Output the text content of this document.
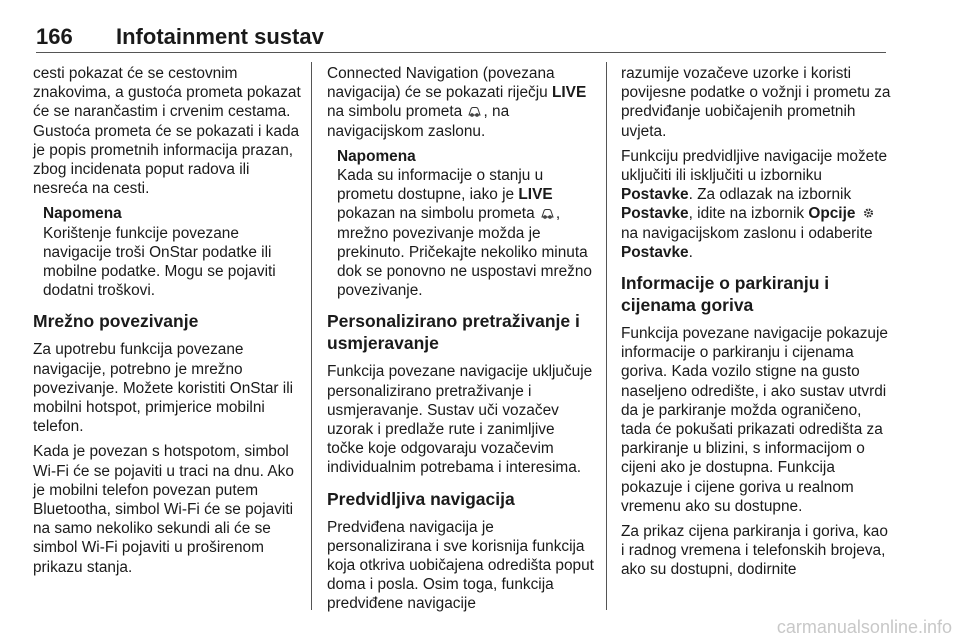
166 Infotainment sustav

cesti pokazat će se cestovnim znakovima, a gustoća prometa pokazat će se narančastim i crvenim cestama. Gustoća prometa će se pokazati i kada je popis prometnih informacija prazan, zbog incidenata poput radova ili nesreća na cesti.

Napomena
Korištenje funkcije povezane navigacije troši OnStar podatke ili mobilne podatke. Mogu se pojaviti dodatni troškovi.
Mrežno povezivanje

Za upotrebu funkcija povezane navigacije, potrebno je mrežno povezivanje. Možete koristiti OnStar ili mobilni hotspot, primjerice mobilni telefon.

Kada je povezan s hotspotom, simbol Wi-Fi će se pojaviti u traci na dnu. Ako je mobilni telefon povezan putem Bluetootha, simbol Wi-Fi će se pojaviti na samo nekoliko sekundi ali će se simbol Wi-Fi pojaviti u proširenom prikazu stanja.

Connected Navigation (povezana navigacija) će se pokazati riječju LIVE na simbolu prometa , na navigacijskom zaslonu.

Napomena
Kada su informacije o stanju u prometu dostupne, iako je LIVE pokazan na simbolu prometa , mrežno povezivanje možda je prekinuto. Pričekajte nekoliko minuta dok se ponovno ne uspostavi mrežno povezivanje.
Personalizirano pretraživanje i usmjeravanje

Funkcija povezane navigacije uključuje personalizirano pretraživanje i usmjeravanje. Sustav uči vozačev uzorak i predlaže rute i zanimljive točke koje odgovaraju vozačevim individualnim potrebama i interesima.

Predvidljiva navigacija

Predviđena navigacija je personalizirana i sve korisnija funkcija koja otkriva uobičajena odredišta poput doma i posla. Osim toga, funkcija predviđene navigacije

razumije vozačeve uzorke i koristi povijesne podatke o vožnji i prometu za predviđanje uobičajenih prometnih uvjeta.

Funkciju predvidljive navigacije možete uključiti ili isključiti u izborniku Postavke. Za odlazak na izbornik Postavke, idite na izbornik Opcije  na navigacijskom zaslonu i odaberite Postavke.

Informacije o parkiranju i cijenama goriva

Funkcija povezane navigacije pokazuje informacije o parkiranju i cijenama goriva. Kada vozilo stigne na gusto naseljeno odredište, i ako sustav utvrdi da je parkiranje možda ograničeno, tada će pokušati prikazati odredišta za parkiranje u blizini, s informacijom o cijeni ako je dostupna. Funkcija pokazuje i cijene goriva u realnom vremenu ako su dostupne.

Za prikaz cijena parkiranja i goriva, kao i radnog vremena i telefonskih brojeva, ako su dostupni, dodirnite

carmanualsonline.info
